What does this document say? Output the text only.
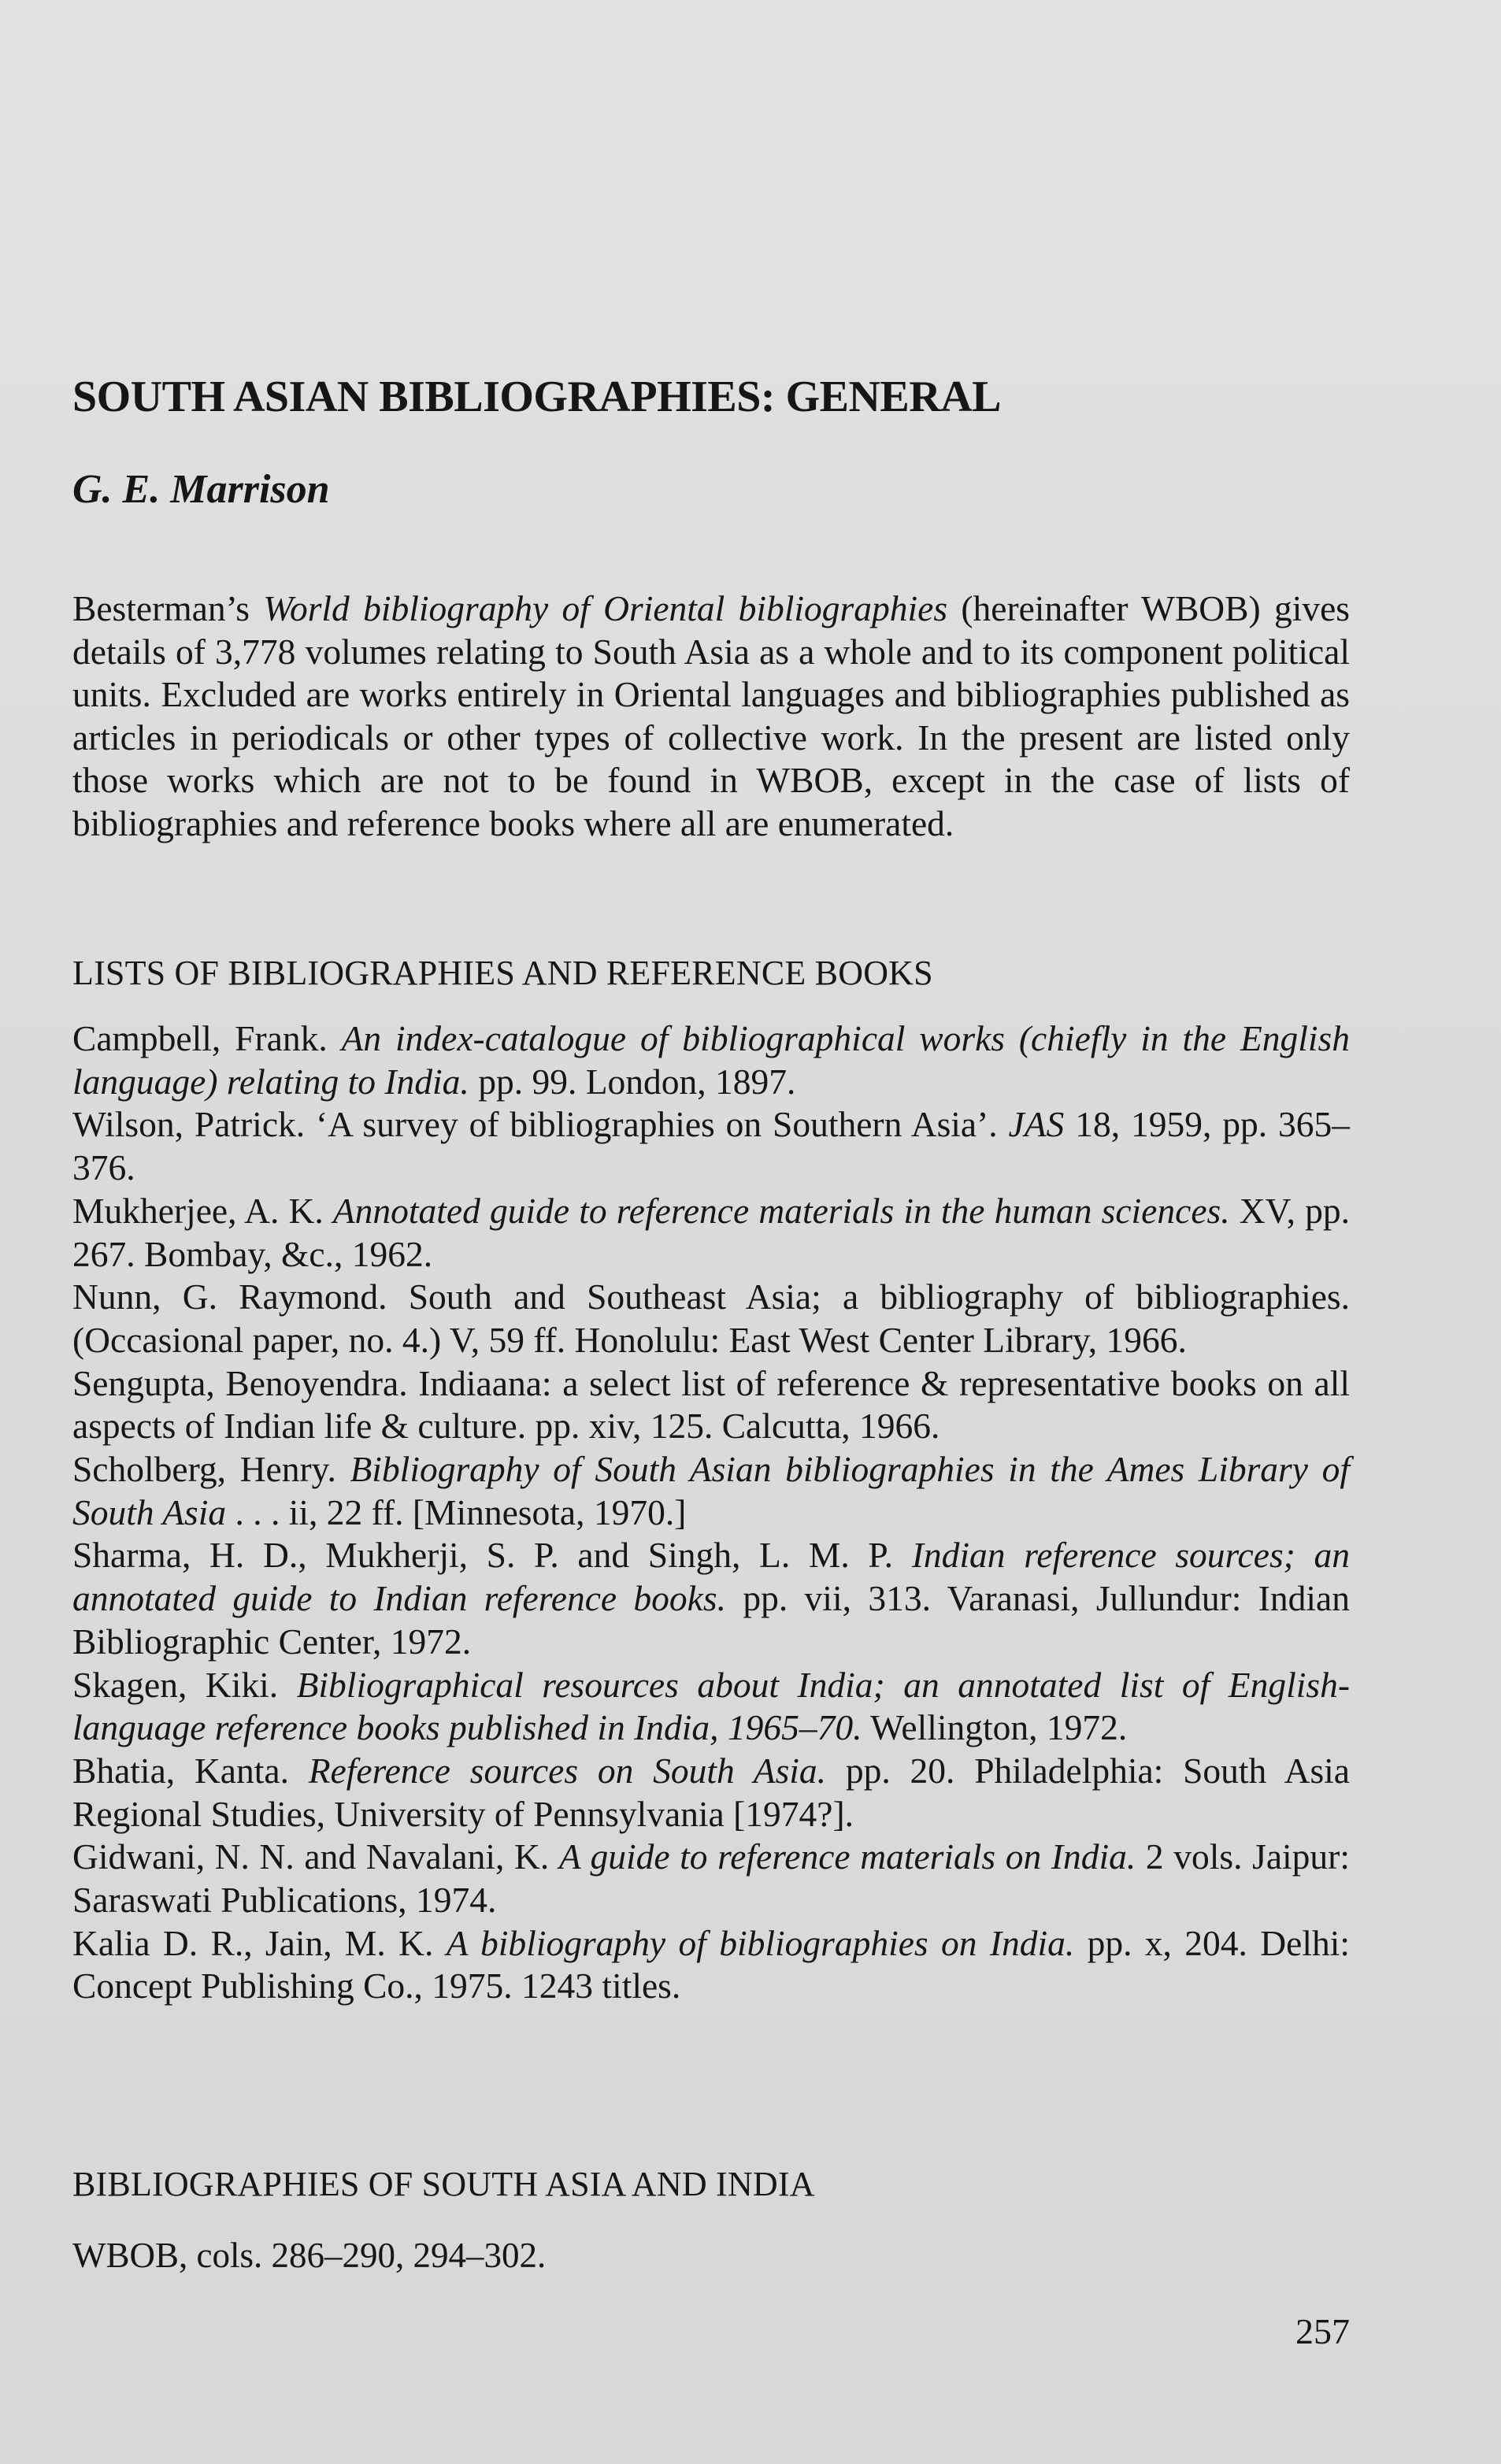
SOUTH ASIAN BIBLIOGRAPHIES: GENERAL
G. E. Marrison

Besterman’s World bibliography of Oriental bibliographies (hereinafter WBOB) gives details of 3,778 volumes relating to South Asia as a whole and to its component political units. Excluded are works entirely in Oriental languages and bibliographies published as articles in periodicals or other types of collective work. In the present are listed only those works which are not to be found in WBOB, except in the case of lists of bibliographies and reference books where all are enumerated.

LISTS OF BIBLIOGRAPHIES AND REFERENCE BOOKS
Campbell, Frank. An index-catalogue of bibliographical works (chiefly in the English language) relating to India. pp. 99. London, 1897.
Wilson, Patrick. ‘A survey of bibliographies on Southern Asia’. JAS 18, 1959, pp. 365–376.
Mukherjee, A. K. Annotated guide to reference materials in the human sciences. XV, pp. 267. Bombay, &c., 1962.
Nunn, G. Raymond. South and Southeast Asia; a bibliography of bibliographies. (Occasional paper, no. 4.) V, 59 ff. Honolulu: East West Center Library, 1966.
Sengupta, Benoyendra. Indiaana: a select list of reference & representative books on all aspects of Indian life & culture. pp. xiv, 125. Calcutta, 1966.
Scholberg, Henry. Bibliography of South Asian bibliographies in the Ames Library of South Asia . . . ii, 22 ff. [Minnesota, 1970.]
Sharma, H. D., Mukherji, S. P. and Singh, L. M. P. Indian reference sources; an annotated guide to Indian reference books. pp. vii, 313. Varanasi, Jullundur: Indian Bibliographic Center, 1972.
Skagen, Kiki. Bibliographical resources about India; an annotated list of English-language reference books published in India, 1965–70. Wellington, 1972.
Bhatia, Kanta. Reference sources on South Asia. pp. 20. Philadelphia: South Asia Regional Studies, University of Pennsylvania [1974?].
Gidwani, N. N. and Navalani, K. A guide to reference materials on India. 2 vols. Jaipur: Saraswati Publications, 1974.
Kalia D. R., Jain, M. K. A bibliography of bibliographies on India. pp. x, 204. Delhi: Concept Publishing Co., 1975. 1243 titles.
BIBLIOGRAPHIES OF SOUTH ASIA AND INDIA
WBOB, cols. 286–290, 294–302.
257
